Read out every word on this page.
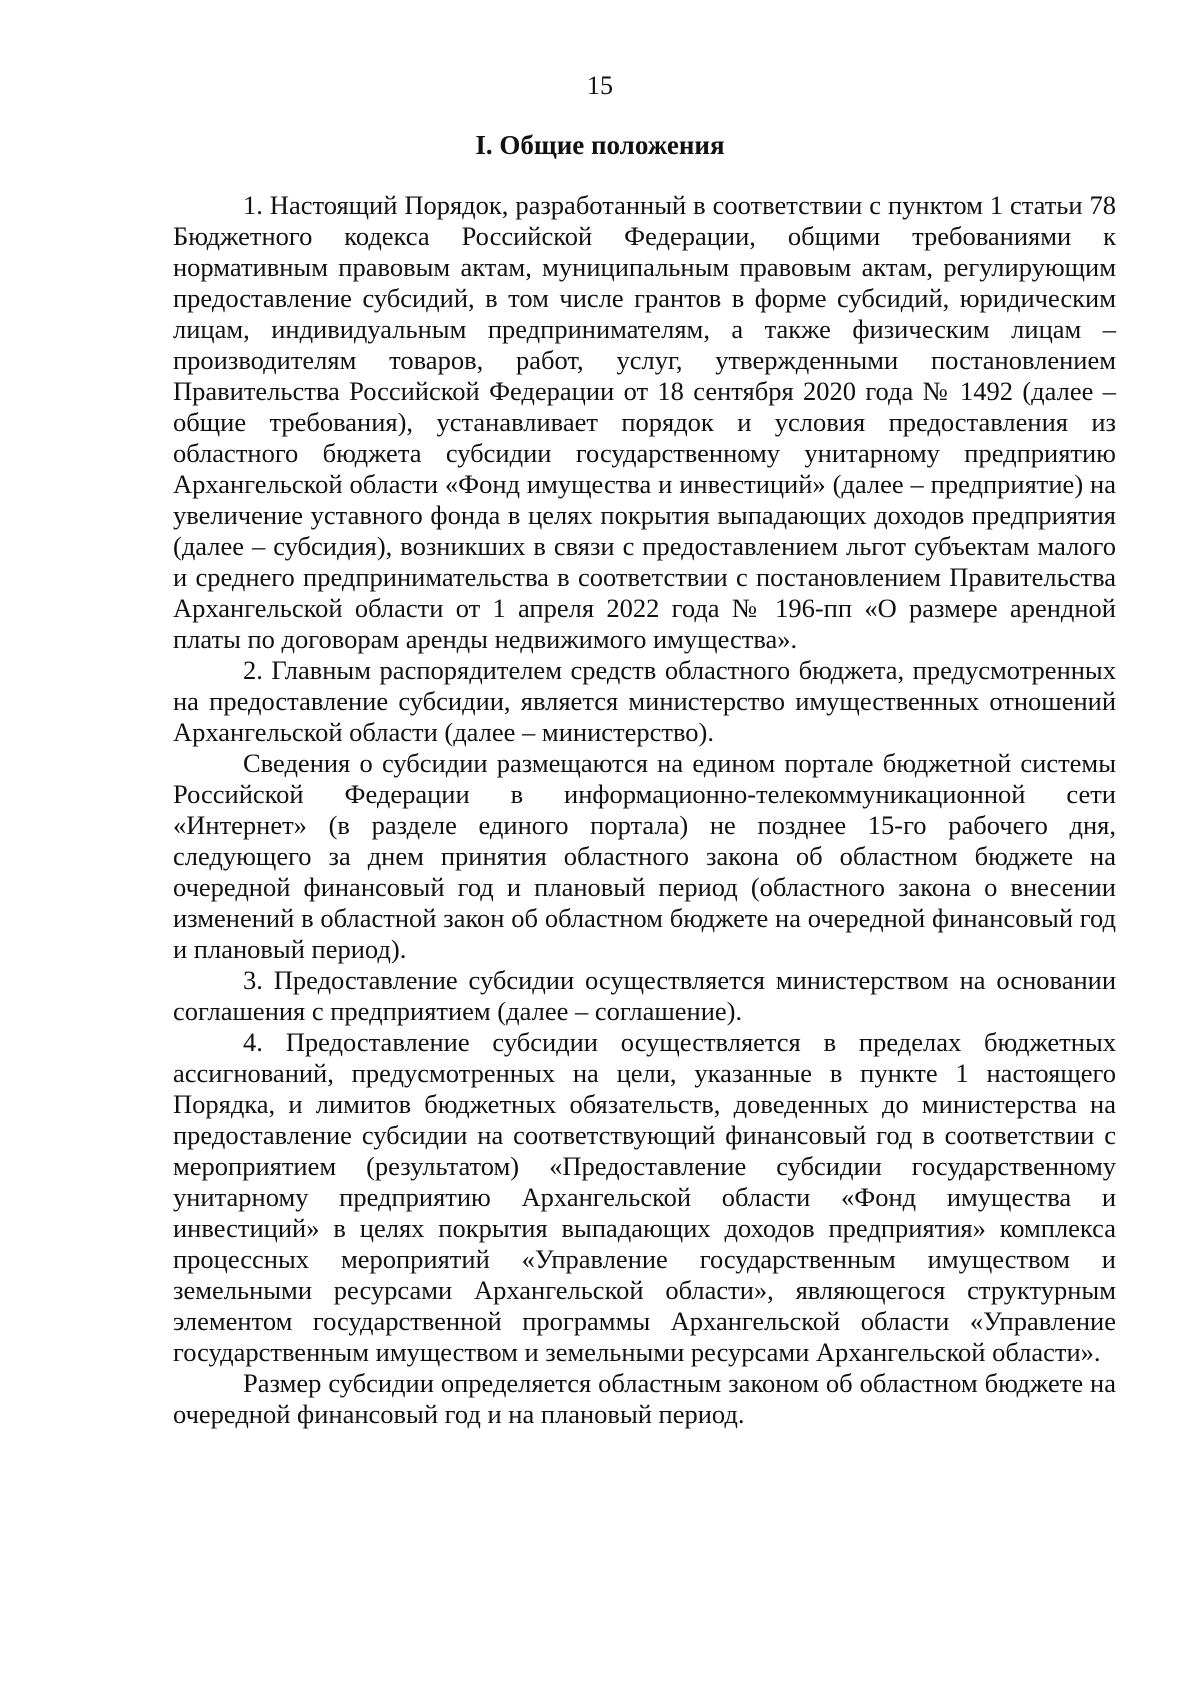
15
I. Общие положения

1. Настоящий Порядок, разработанный в соответствии с пунктом 1 статьи 78 Бюджетного кодекса Российской Федерации, общими требованиями к нормативным правовым актам, муниципальным правовым актам, регулирующим предоставление субсидий, в том числе грантов в форме субсидий, юридическим лицам, индивидуальным предпринимателям, а также физическим лицам – производителям товаров, работ, услуг, утвержденными постановлением Правительства Российской Федерации от 18 сентября 2020 года № 1492 (далее – общие требования), устанавливает порядок и условия предоставления из областного бюджета субсидии государственному унитарному предприятию Архангельской области «Фонд имущества и инвестиций» (далее – предприятие) на увеличение уставного фонда в целях покрытия выпадающих доходов предприятия (далее – субсидия), возникших в связи с предоставлением льгот субъектам малого и среднего предпринимательства в соответствии с постановлением Правительства Архангельской области от 1 апреля 2022 года № 196-пп «О размере арендной платы по договорам аренды недвижимого имущества».

2. Главным распорядителем средств областного бюджета, предусмотренных на предоставление субсидии, является министерство имущественных отношений Архангельской области (далее – министерство).

Сведения о субсидии размещаются на едином портале бюджетной системы Российской Федерации в информационно-телекоммуникационной сети «Интернет» (в разделе единого портала) не позднее 15-го рабочего дня, следующего за днем принятия областного закона об областном бюджете на очередной финансовый год и плановый период (областного закона о внесении изменений в областной закон об областном бюджете на очередной финансовый год и плановый период).

3. Предоставление субсидии осуществляется министерством на основании соглашения с предприятием (далее – соглашение).

4. Предоставление субсидии осуществляется в пределах бюджетных ассигнований, предусмотренных на цели, указанные в пункте 1 настоящего Порядка, и лимитов бюджетных обязательств, доведенных до министерства на предоставление субсидии на соответствующий финансовый год в соответствии с мероприятием (результатом) «Предоставление субсидии государственному унитарному предприятию Архангельской области «Фонд имущества и инвестиций» в целях покрытия выпадающих доходов предприятия» комплекса процессных мероприятий «Управление государственным имуществом и земельными ресурсами Архангельской области», являющегося структурным элементом государственной программы Архангельской области «Управление государственным имуществом и земельными ресурсами Архангельской области».

Размер субсидии определяется областным законом об областном бюджете на очередной финансовый год и на плановый период.
